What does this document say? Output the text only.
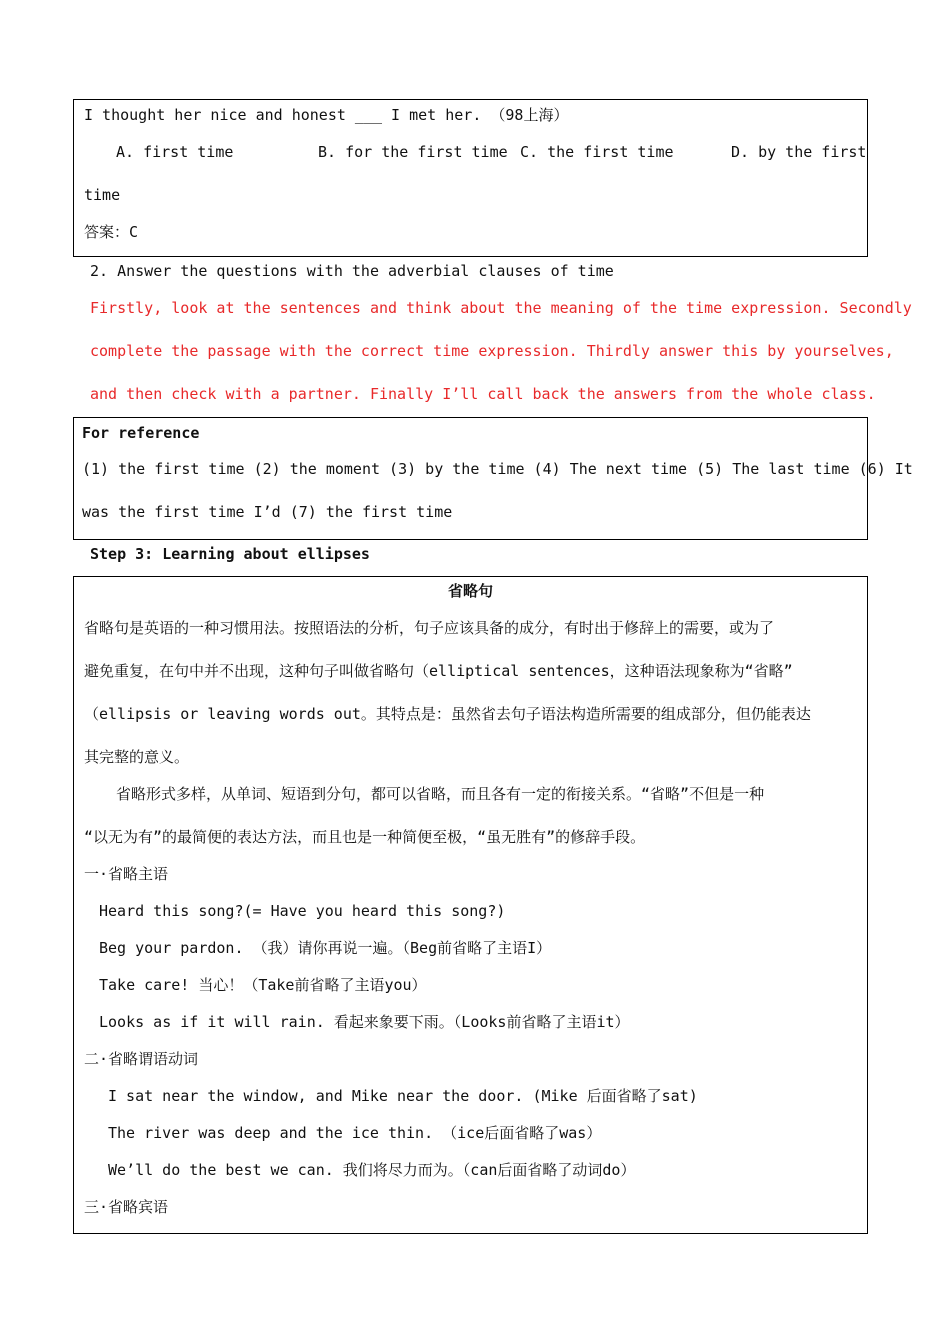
I thought her nice and honest ___ I met her. （98上海）
A. first time	B. for the first time C. the first time	D. by the first
time
答案：C
2. Answer the questions with the adverbial clauses of time
Firstly, look at the sentences and think about the meaning of the time expression. Secondly
complete the passage with the correct time expression. Thirdly answer this by yourselves,
and then check with a partner. Finally I’ll call back the answers from the whole class.
For reference
(1) the first time (2) the moment (3) by the time (4) The next time (5) The last time (6) It
was the first time I’d (7) the first time
Step 3: Learning about ellipses
省略句
省略句是英语的一种习惯用法。按照语法的分析，句子应该具备的成分，有时出于修辞上的需要，或为了
避免重复，在句中并不出现，这种句子叫做省略句（elliptical sentences，这种语法现象称为“省略”
（ellipsis or leaving words out。其特点是：虽然省去句子语法构造所需要的组成部分，但仍能表达
其完整的意义。
省略形式多样，从单词、短语到分句，都可以省略，而且各有一定的衔接关系。“省略”不但是一种
“以无为有”的最简便的表达方法，而且也是一种简便至极，“虽无胜有”的修辞手段。
一·省略主语
Heard this song?(= Have you heard this song?)
Beg your pardon. （我）请你再说一遍。（Beg前省略了主语I）
Take care! 当心！（Take前省略了主语you）
Looks as if it will rain. 看起来象要下雨。（Looks前省略了主语it）
二·省略谓语动词
I sat near the window, and Mike near the door. (Mike 后面省略了sat)
The river was deep and the ice thin. （ice后面省略了was）
We’ll do the best we can. 我们将尽力而为。（can后面省略了动词do）
三·省略宾语
